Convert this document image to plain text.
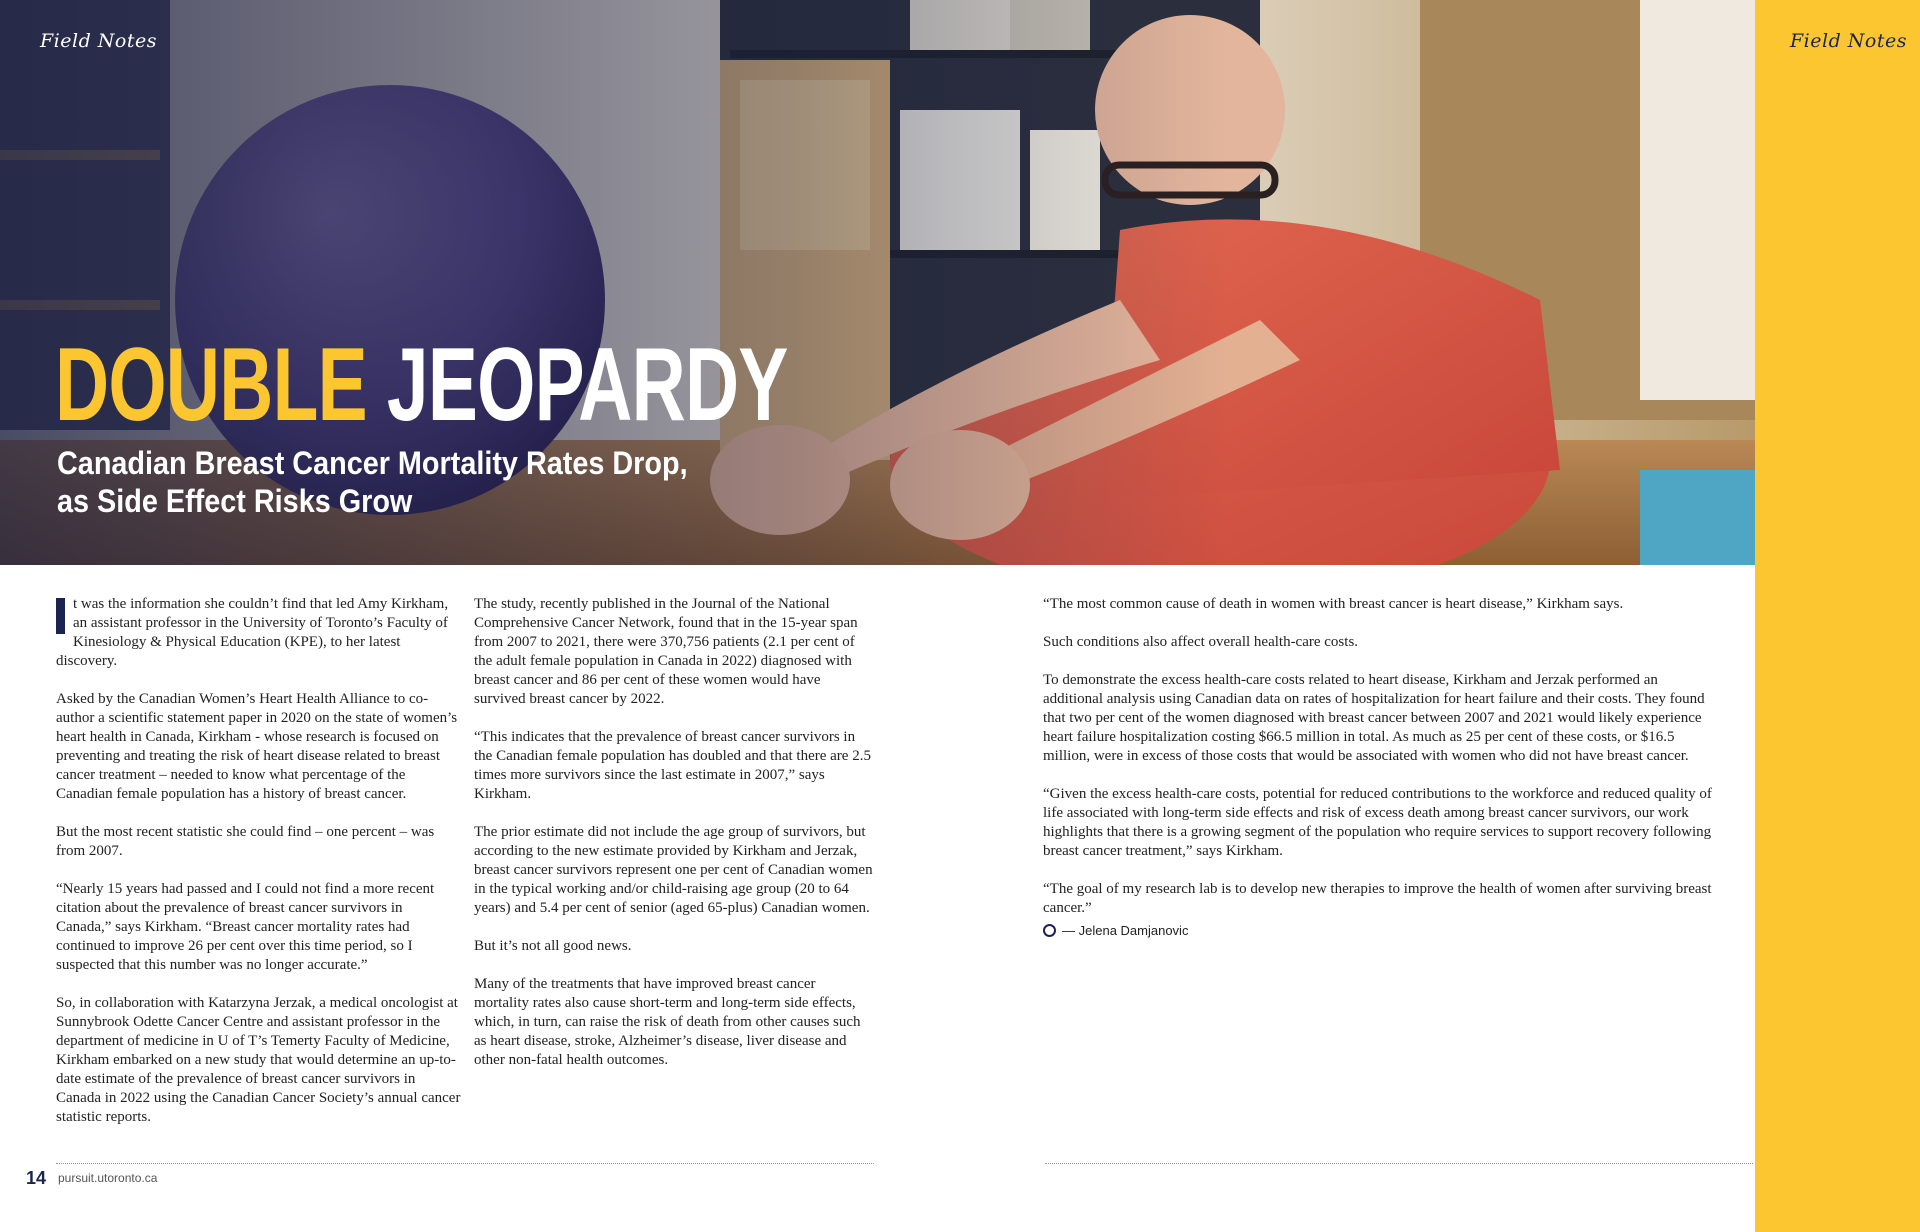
Field Notes	Field Notes
DOUBLE JEOPARDY
Canadian Breast Cancer Mortality Rates Drop,
as Side Effect Risks Grow

t was the information she couldn’t find that led Amy Kirkham, an assistant professor in the University of Toronto’s Faculty of Kinesiology & Physical Education (KPE), to her latest discovery.

Asked by the Canadian Women’s Heart Health Alliance to co-author a scientific statement paper in 2020 on the state of women’s heart health in Canada, Kirkham - whose research is focused on preventing and treating the risk of heart disease related to breast cancer treatment – needed to know what percentage of the Canadian female population has a history of breast cancer.

But the most recent statistic she could find – one percent – was from 2007.

“Nearly 15 years had passed and I could not find a more recent citation about the prevalence of breast cancer survivors in Canada,” says Kirkham. “Breast cancer mortality rates had continued to improve 26 per cent over this time period, so I suspected that this number was no longer accurate.”

So, in collaboration with Katarzyna Jerzak, a medical oncologist at Sunnybrook Odette Cancer Centre and assistant professor in the department of medicine in U of T’s Temerty Faculty of Medicine, Kirkham embarked on a new study that would determine an up-to-date estimate of the prevalence of breast cancer survivors in Canada in 2022 using the Canadian Cancer Society’s annual cancer statistic reports.

The study, recently published in the Journal of the National Comprehensive Cancer Network, found that in the 15-year span from 2007 to 2021, there were 370,756 patients (2.1 per cent of the adult female population in Canada in 2022) diagnosed with breast cancer and 86 per cent of these women would have survived breast cancer by 2022.

“This indicates that the prevalence of breast cancer survivors in the Canadian female population has doubled and that there are 2.5 times more survivors since the last estimate in 2007,” says Kirkham.

The prior estimate did not include the age group of survivors, but according to the new estimate provided by Kirkham and Jerzak, breast cancer survivors represent one per cent of Canadian women in the typical working and/or child-raising age group (20 to 64 years) and 5.4 per cent of senior (aged 65-plus) Canadian women.

But it’s not all good news.

Many of the treatments that have improved breast cancer mortality rates also cause short-term and long-term side effects, which, in turn, can raise the risk of death from other causes such as heart disease, stroke, Alzheimer’s disease, liver disease and other non-fatal health outcomes.

“The most common cause of death in women with breast cancer is heart disease,” Kirkham says.

Such conditions also affect overall health-care costs.

To demonstrate the excess health-care costs related to heart disease, Kirkham and Jerzak performed an additional analysis using Canadian data on rates of hospitalization for heart failure and their costs. They found that two per cent of the women diagnosed with breast cancer between 2007 and 2021 would likely experience heart failure hospitalization costing $66.5 million in total. As much as 25 per cent of these costs, or $16.5 million, were in excess of those costs that would be associated with women who did not have breast cancer.

“Given the excess health-care costs, potential for reduced contributions to the workforce and reduced quality of life associated with long-term side effects and risk of excess death among breast cancer survivors, our work highlights that there is a growing segment of the population who require services to support recovery following breast cancer treatment,” says Kirkham.

“The goal of my research lab is to develop new therapies to improve the health of women after surviving breast cancer.”

— Jelena Damjanovic
14 pursuit.utoronto.ca
